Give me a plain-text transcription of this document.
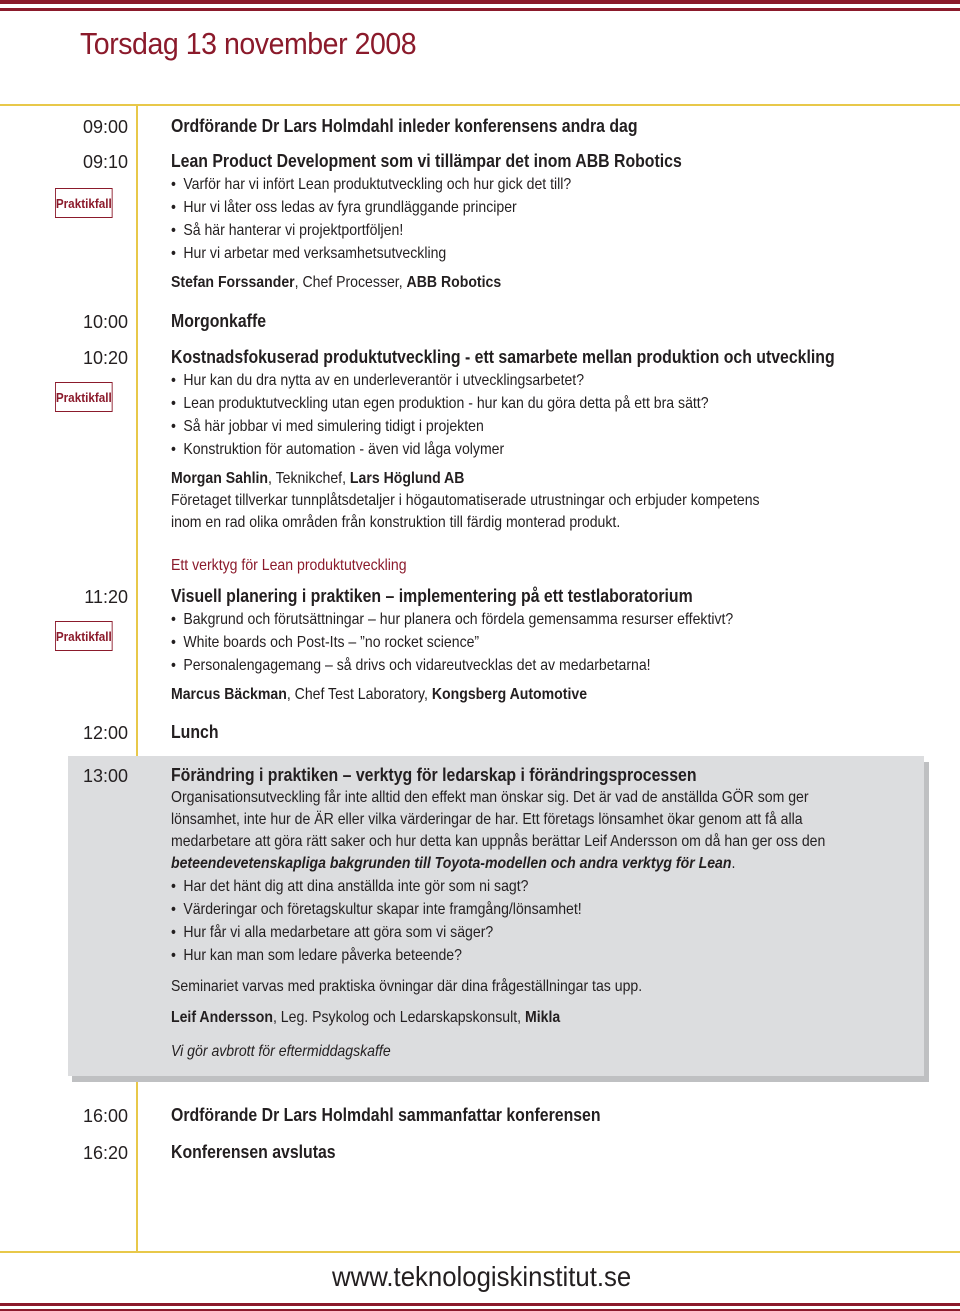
Torsdag 13 november 2008
09:00 Ordförande Dr Lars Holmdahl inleder konferensens andra dag
09:10
Praktikfall
Lean Product Development som vi tillämpar det inom ABB Robotics
• Varför har vi infört Lean produktutveckling och hur gick det till?
• Hur vi låter oss ledas av fyra grundläggande principer
• Så här hanterar vi projektportföljen!
• Hur vi arbetar med verksamhetsutveckling
Stefan Forssander, Chef Processer, ABB Robotics
10:00 Morgonkaffe
10:20
Praktikfall
Kostnadsfokuserad produktutveckling - ett samarbete mellan produktion och utveckling
• Hur kan du dra nytta av en underleverantör i utvecklingsarbetet?
• Lean produktutveckling utan egen produktion - hur kan du göra detta på ett bra sätt?
• Så här jobbar vi med simulering tidigt i projekten
• Konstruktion för automation - även vid låga volymer
Morgan Sahlin, Teknikchef, Lars Höglund AB
Företaget tillverkar tunnplåtsdetaljer i högautomatiserade utrustningar och erbjuder kompetens
inom en rad olika områden från konstruktion till färdig monterad produkt.
Ett verktyg för Lean produktutveckling
11:20
Praktikfall
Visuell planering i praktiken – implementering på ett testlaboratorium
• Bakgrund och förutsättningar – hur planera och fördela gemensamma resurser effektivt?
• White boards och Post-Its – ”no rocket science”
• Personalengagemang – så drivs och vidareutvecklas det av medarbetarna!
Marcus Bäckman, Chef Test Laboratory, Kongsberg Automotive
12:00 Lunch
13:00 Förändring i praktiken – verktyg för ledarskap i förändringsprocessen
Organisationsutveckling får inte alltid den effekt man önskar sig. Det är vad de anställda GÖR som ger
lönsamhet, inte hur de ÄR eller vilka värderingar de har. Ett företags lönsamhet ökar genom att få alla
medarbetare att göra rätt saker och hur detta kan uppnås berättar Leif Andersson om då han ger oss den
beteendevetenskapliga bakgrunden till Toyota-modellen och andra verktyg för Lean.
• Har det hänt dig att dina anställda inte gör som ni sagt?
• Värderingar och företagskultur skapar inte framgång/lönsamhet!
• Hur får vi alla medarbetare att göra som vi säger?
• Hur kan man som ledare påverka beteende?
Seminariet varvas med praktiska övningar där dina frågeställningar tas upp.
Leif Andersson, Leg. Psykolog och Ledarskapskonsult, Mikla
Vi gör avbrott för eftermiddagskaffe
16:00 Ordförande Dr Lars Holmdahl sammanfattar konferensen
16:20 Konferensen avslutas
www.teknologiskinstitut.se
